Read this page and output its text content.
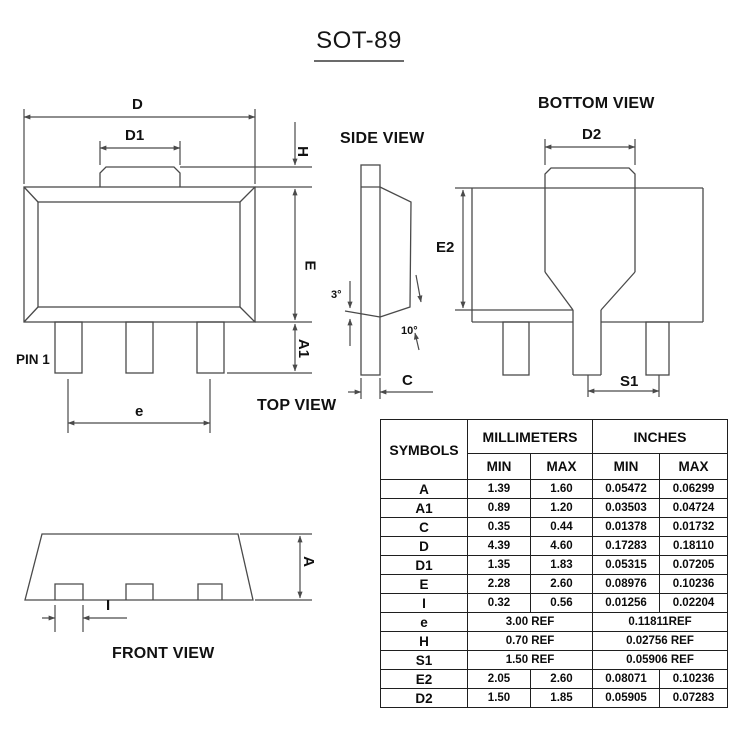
SOT-89
D
D1
H
E
A1
e
PIN 1
TOP VIEW
SIDE VIEW
3°
10°
C
BOTTOM VIEW
D2
E2
S1
FRONT VIEW
A
I
SYMBOLS	MILLIMETERS		INCHES	
	MIN	MAX	MIN	MAX
A	1.39	1.60	0.05472	0.06299
A1	0.89	1.20	0.03503	0.04724
C	0.35	0.44	0.01378	0.01732
D	4.39	4.60	0.17283	0.18110
D1	1.35	1.83	0.05315	0.07205
E	2.28	2.60	0.08976	0.10236
I	0.32	0.56	0.01256	0.02204
e	3.00 REF		0.11811REF	
H	0.70 REF		0.02756 REF	
S1	1.50 REF		0.05906 REF	
E2	2.05	2.60	0.08071	0.10236
D2	1.50	1.85	0.05905	0.07283
